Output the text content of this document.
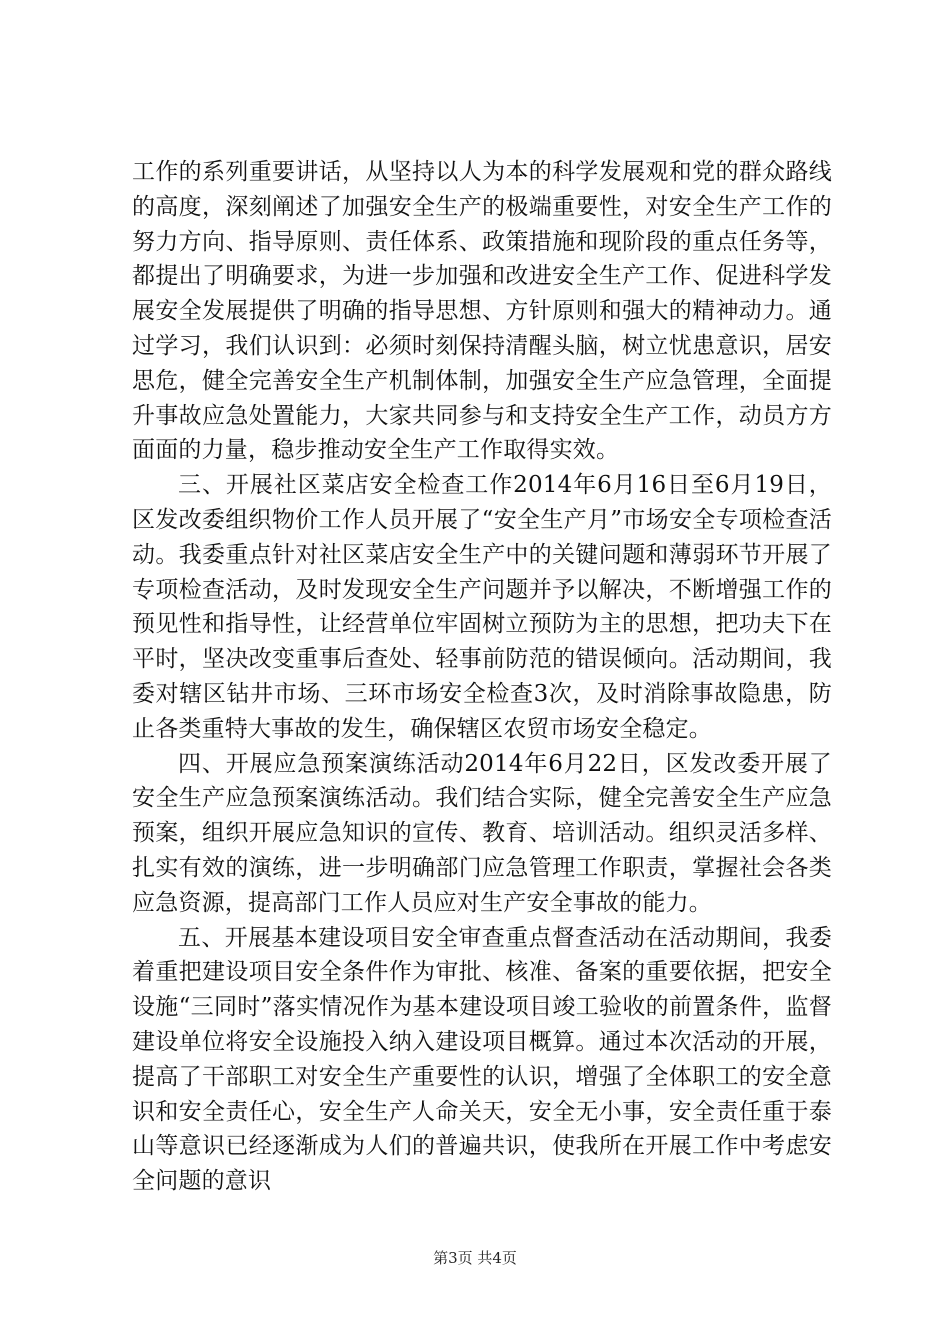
工作的系列重要讲话，从坚持以人为本的科学发展观和党的群众路线的高度，深刻阐述了加强安全生产的极端重要性，对安全生产工作的努力方向、指导原则、责任体系、政策措施和现阶段的重点任务等，都提出了明确要求，为进一步加强和改进安全生产工作、促进科学发展安全发展提供了明确的指导思想、方针原则和强大的精神动力。通过学习，我们认识到：必须时刻保持清醒头脑，树立忧患意识，居安思危，健全完善安全生产机制体制，加强安全生产应急管理，全面提升事故应急处置能力，大家共同参与和支持安全生产工作，动员方方面面的力量，稳步推动安全生产工作取得实效。

三、开展社区菜店安全检查工作2014年6月16日至6月19日，区发改委组织物价工作人员开展了“安全生产月”市场安全专项检查活动。我委重点针对社区菜店安全生产中的关键问题和薄弱环节开展了专项检查活动，及时发现安全生产问题并予以解决，不断增强工作的预见性和指导性，让经营单位牢固树立预防为主的思想，把功夫下在平时，坚决改变重事后查处、轻事前防范的错误倾向。活动期间，我委对辖区钻井市场、三环市场安全检查3次，及时消除事故隐患，防止各类重特大事故的发生，确保辖区农贸市场安全稳定。

四、开展应急预案演练活动2014年6月22日，区发改委开展了安全生产应急预案演练活动。我们结合实际，健全完善安全生产应急预案，组织开展应急知识的宣传、教育、培训活动。组织灵活多样、扎实有效的演练，进一步明确部门应急管理工作职责，掌握社会各类应急资源，提高部门工作人员应对生产安全事故的能力。

五、开展基本建设项目安全审查重点督查活动在活动期间，我委着重把建设项目安全条件作为审批、核准、备案的重要依据，把安全设施“三同时”落实情况作为基本建设项目竣工验收的前置条件，监督建设单位将安全设施投入纳入建设项目概算。通过本次活动的开展，提高了干部职工对安全生产重要性的认识，增强了全体职工的安全意识和安全责任心，安全生产人命关天，安全无小事，安全责任重于泰山等意识已经逐渐成为人们的普遍共识，使我所在开展工作中考虑安全问题的意识

第3页 共4页
